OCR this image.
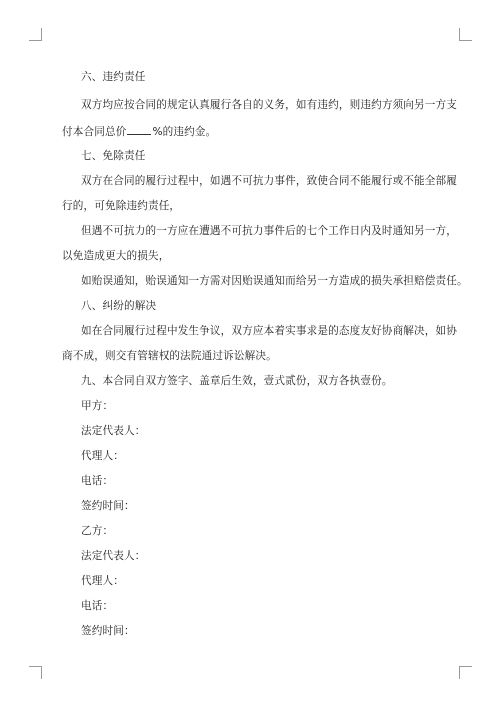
六、违约责任
双方均应按合同的规定认真履行各自的义务，如有违约，则违约方须向另一方支
付本合同总价 %的违约金。
七、免除责任
双方在合同的履行过程中，如遇不可抗力事件，致使合同不能履行或不能全部履
行的，可免除违约责任，
但遇不可抗力的一方应在遭遇不可抗力事件后的七个工作日内及时通知另一方，
以免造成更大的损失，
如贻误通知，贻误通知一方需对因贻误通知而给另一方造成的损失承担赔偿责任。
八、纠纷的解决
如在合同履行过程中发生争议，双方应本着实事求是的态度友好协商解决，如协
商不成，则交有管辖权的法院通过诉讼解决。
九、本合同自双方签字、盖章后生效，壹式贰份，双方各执壹份。
甲方：
法定代表人：
代理人：
电话：
签约时间：
乙方：
法定代表人：
代理人：
电话：
签约时间：
